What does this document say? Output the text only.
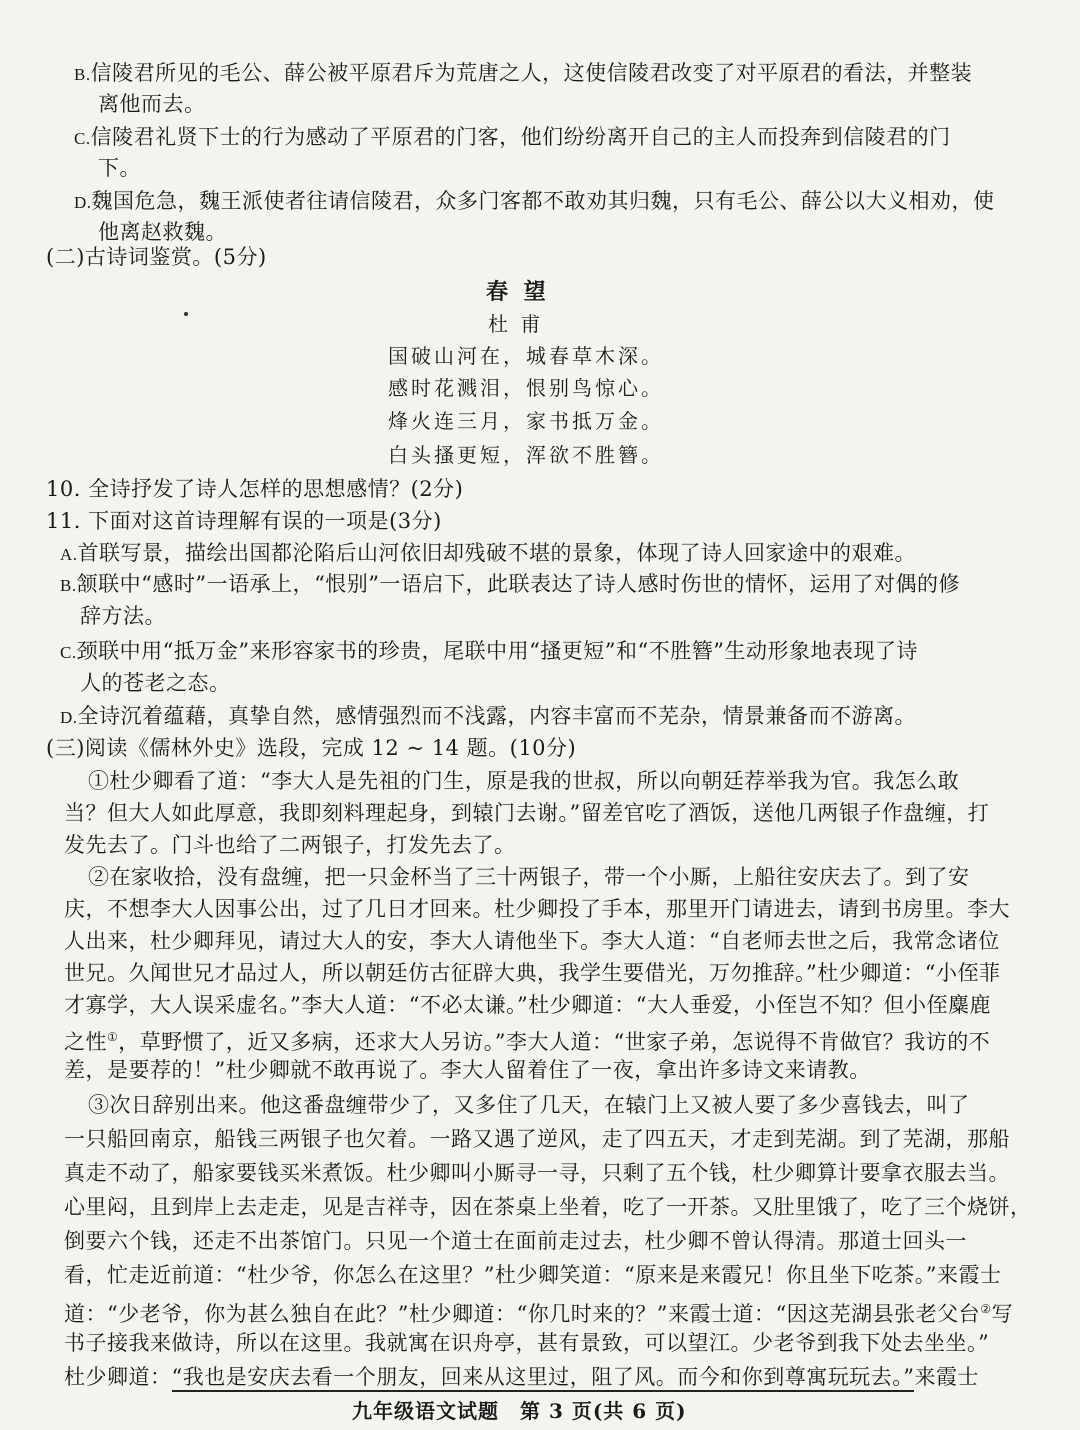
B.信陵君所见的毛公、薛公被平原君斥为荒唐之人，这使信陵君改变了对平原君的看法，并整装
离他而去。
C.信陵君礼贤下士的行为感动了平原君的门客，他们纷纷离开自己的主人而投奔到信陵君的门
下。
D.魏国危急，魏王派使者往请信陵君，众多门客都不敢劝其归魏，只有毛公、薛公以大义相劝，使
他离赵救魏。
(二)古诗词鉴赏。(5分)
春 望
杜 甫
国破山河在，城春草木深。
感时花溅泪，恨别鸟惊心。
烽火连三月，家书抵万金。
白头搔更短，浑欲不胜簪。
10. 全诗抒发了诗人怎样的思想感情？(2分)
11. 下面对这首诗理解有误的一项是(3分)
A.首联写景，描绘出国都沦陷后山河依旧却残破不堪的景象，体现了诗人回家途中的艰难。
B.颔联中“感时”一语承上，“恨别”一语启下，此联表达了诗人感时伤世的情怀，运用了对偶的修
辞方法。
C.颈联中用“抵万金”来形容家书的珍贵，尾联中用“搔更短”和“不胜簪”生动形象地表现了诗
人的苍老之态。
D.全诗沉着蕴藉，真挚自然，感情强烈而不浅露，内容丰富而不芜杂，情景兼备而不游离。
(三)阅读《儒林外史》选段，完成 12 ~ 14 题。(10分)
①杜少卿看了道：“李大人是先祖的门生，原是我的世叔，所以向朝廷荐举我为官。我怎么敢
当？但大人如此厚意，我即刻料理起身，到辕门去谢。”留差官吃了酒饭，送他几两银子作盘缠，打
发先去了。门斗也给了二两银子，打发先去了。
②在家收拾，没有盘缠，把一只金杯当了三十两银子，带一个小厮，上船往安庆去了。到了安
庆，不想李大人因事公出，过了几日才回来。杜少卿投了手本，那里开门请进去，请到书房里。李大
人出来，杜少卿拜见，请过大人的安，李大人请他坐下。李大人道：“自老师去世之后，我常念诸位
世兄。久闻世兄才品过人，所以朝廷仿古征辟大典，我学生要借光，万勿推辞。”杜少卿道：“小侄菲
才寡学，大人误采虚名。”李大人道：“不必太谦。”杜少卿道：“大人垂爱，小侄岂不知？但小侄麋鹿
之性①，草野惯了，近又多病，还求大人另访。”李大人道：“世家子弟，怎说得不肯做官？我访的不
差，是要荐的！”杜少卿就不敢再说了。李大人留着住了一夜，拿出许多诗文来请教。
③次日辞别出来。他这番盘缠带少了，又多住了几天，在辕门上又被人要了多少喜钱去，叫了
一只船回南京，船钱三两银子也欠着。一路又遇了逆风，走了四五天，才走到芜湖。到了芜湖，那船
真走不动了，船家要钱买米煮饭。杜少卿叫小厮寻一寻，只剩了五个钱，杜少卿算计要拿衣服去当。
心里闷，且到岸上去走走，见是吉祥寺，因在茶桌上坐着，吃了一开茶。又肚里饿了，吃了三个烧饼，
倒要六个钱，还走不出茶馆门。只见一个道士在面前走过去，杜少卿不曾认得清。那道士回头一
看，忙走近前道：“杜少爷，你怎么在这里？”杜少卿笑道：“原来是来霞兄！你且坐下吃茶。”来霞士
道：“少老爷，你为甚么独自在此？”杜少卿道：“你几时来的？”来霞士道：“因这芜湖县张老父台②写
书子接我来做诗，所以在这里。我就寓在识舟亭，甚有景致，可以望江。少老爷到我下处去坐坐。”
杜少卿道：“我也是安庆去看一个朋友，回来从这里过，阻了风。而今和你到尊寓玩玩去。”来霞士
九年级语文试题　第 3 页(共 6 页)
